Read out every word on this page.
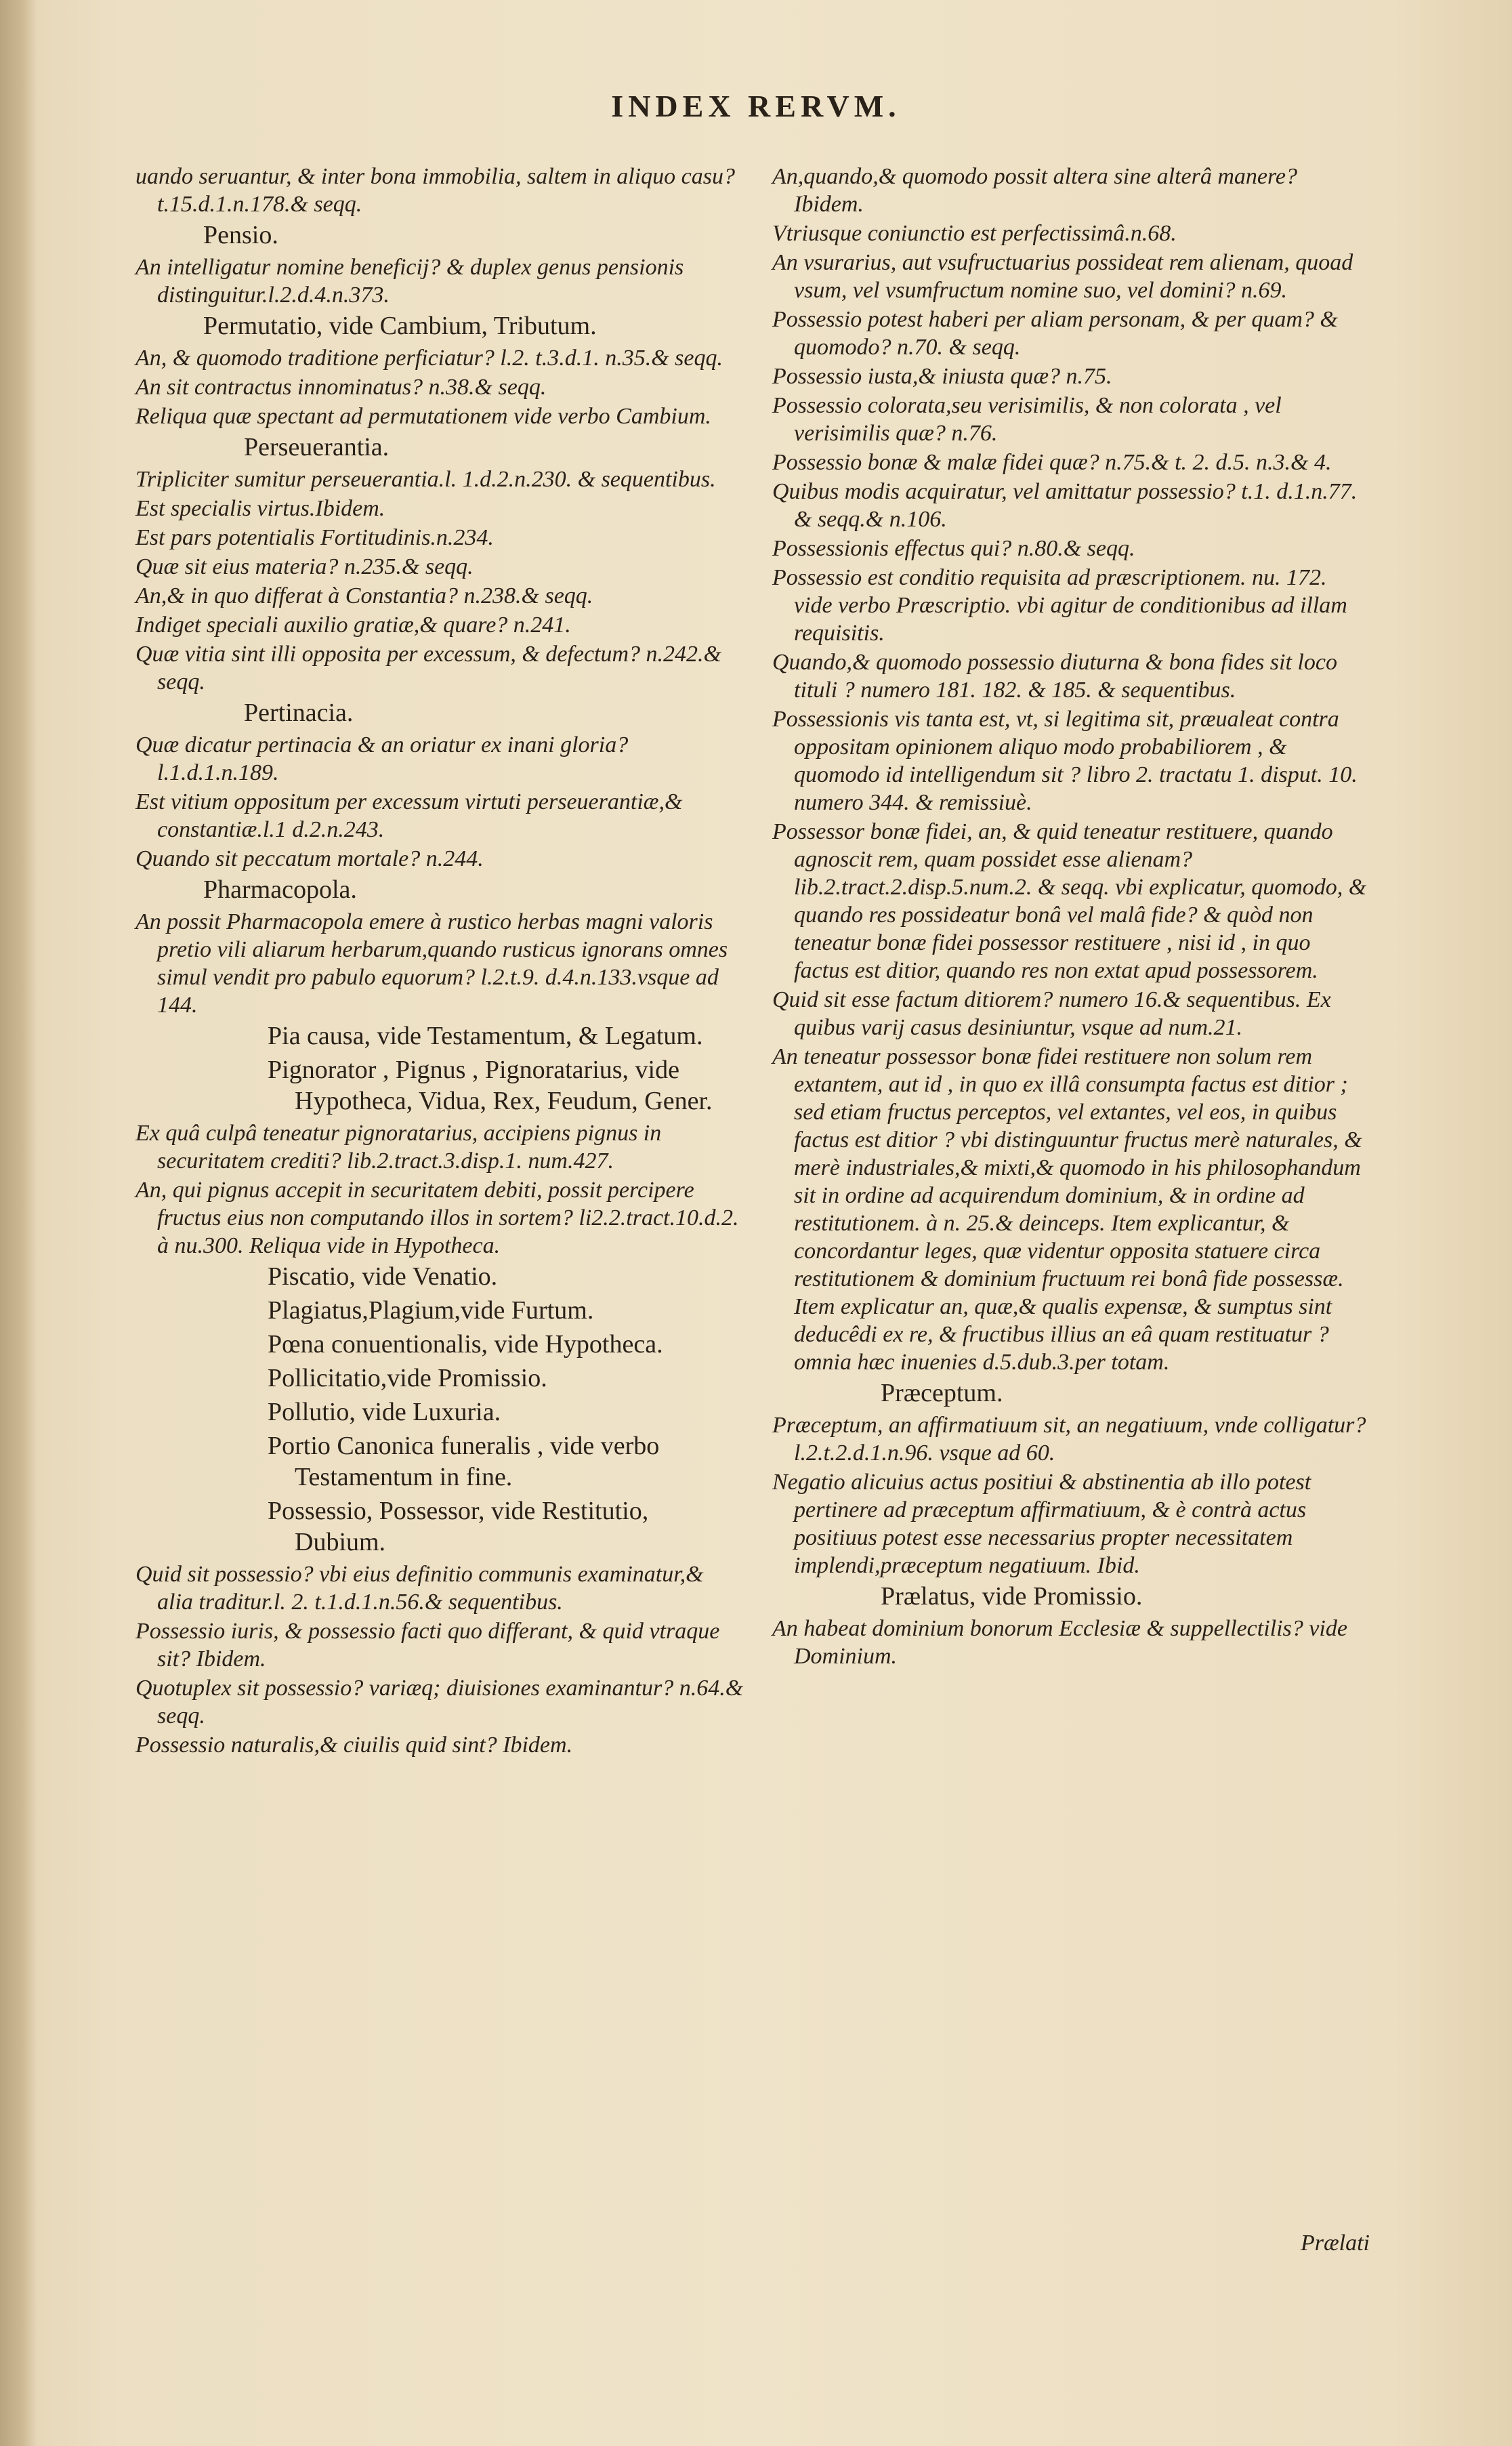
INDEX RERVM.
uando seruantur, & inter bona immobilia, saltem in aliquo casu? t.15.d.1.n.178.& seqq.
Pensio.
An intelligatur nomine beneficij? & duplex genus pensionis distinguitur.l.2.d.4.n.373.
Permutatio, vide Cambium, Tributum.
An, & quomodo traditione perficiatur? l.2. t.3.d.1. n.35.& seqq.
An sit contractus innominatus? n.38.& seqq.
Reliqua quæ spectant ad permutationem vide verbo Cambium.
Perseuerantia.
Tripliciter sumitur perseuerantia.l. 1.d.2.n.230. & sequentibus.
Est specialis virtus.Ibidem.
Est pars potentialis Fortitudinis.n.234.
Quæ sit eius materia? n.235.& seqq.
An,& in quo differat à Constantia? n.238.& seqq.
Indiget speciali auxilio gratiæ,& quare? n.241.
Quæ vitia sint illi opposita per excessum, & defectum? n.242.& seqq.
Pertinacia.
Quæ dicatur pertinacia & an oriatur ex inani gloria? l.1.d.1.n.189.
Est vitium oppositum per excessum virtuti perseuerantiæ,& constantiæ.l.1 d.2.n.243.
Quando sit peccatum mortale? n.244.
Pharmacopola.
An possit Pharmacopola emere à rustico herbas magni valoris pretio vili aliarum herbarum,quando rusticus ignorans omnes simul vendit pro pabulo equorum? l.2.t.9. d.4.n.133.vsque ad 144.
Pia causa, vide Testamentum, & Legatum.
Pignorator , Pignus , Pignoratarius, vide Hypotheca, Vidua, Rex, Feudum, Gener.
Ex quâ culpâ teneatur pignoratarius, accipiens pignus in securitatem crediti? lib.2.tract.3.disp.1. num.427.
An, qui pignus accepit in securitatem debiti, possit percipere fructus eius non computando illos in sortem? li2.2.tract.10.d.2. à nu.300. Reliqua vide in Hypotheca.
Piscatio, vide Venatio.
Plagiatus,Plagium,vide Furtum.
Pœna conuentionalis, vide Hypotheca.
Pollicitatio,vide Promissio.
Pollutio, vide Luxuria.
Portio Canonica funeralis , vide verbo Testamentum in fine.
Possessio, Possessor, vide Restitutio, Dubium.
Quid sit possessio? vbi eius definitio communis examinatur,& alia traditur.l. 2. t.1.d.1.n.56.& sequentibus.
Possessio iuris, & possessio facti quo differant, & quid vtraque sit? Ibidem.
Quotuplex sit possessio? variæq; diuisiones examinantur? n.64.& seqq.
Possessio naturalis,& ciuilis quid sint? Ibidem.
An,quando,& quomodo possit altera sine alterâ manere? Ibidem.
Vtriusque coniunctio est perfectissimâ.n.68.
An vsurarius, aut vsufructuarius possideat rem alienam, quoad vsum, vel vsumfructum nomine suo, vel domini? n.69.
Possessio potest haberi per aliam personam, & per quam? & quomodo? n.70. & seqq.
Possessio iusta,& iniusta quæ? n.75.
Possessio colorata,seu verisimilis, & non colorata , vel verisimilis quæ? n.76.
Possessio bonæ & malæ fidei quæ? n.75.& t. 2. d.5. n.3.& 4.
Quibus modis acquiratur, vel amittatur possessio? t.1. d.1.n.77. & seqq.& n.106.
Possessionis effectus qui? n.80.& seqq.
Possessio est conditio requisita ad præscriptionem. nu. 172. vide verbo Præscriptio. vbi agitur de conditionibus ad illam requisitis.
Quando,& quomodo possessio diuturna & bona fides sit loco tituli ? numero 181. 182. & 185. & sequentibus.
Possessionis vis tanta est, vt, si legitima sit, præualeat contra oppositam opinionem aliquo modo probabiliorem , & quomodo id intelligendum sit ? libro 2. tractatu 1. disput. 10. numero 344. & remissiuè.
Possessor bonæ fidei, an, & quid teneatur restituere, quando agnoscit rem, quam possidet esse alienam? lib.2.tract.2.disp.5.num.2. & seqq. vbi explicatur, quomodo, & quando res possideatur bonâ vel malâ fide? & quòd non teneatur bonæ fidei possessor restituere , nisi id , in quo factus est ditior, quando res non extat apud possessorem.
Quid sit esse factum ditiorem? numero 16.& sequentibus. Ex quibus varij casus desiniuntur, vsque ad num.21.
An teneatur possessor bonæ fidei restituere non solum rem extantem, aut id , in quo ex illâ consumpta factus est ditior ; sed etiam fructus perceptos, vel extantes, vel eos, in quibus factus est ditior ? vbi distinguuntur fructus merè naturales, & merè industriales,& mixti,& quomodo in his philosophandum sit in ordine ad acquirendum dominium, & in ordine ad restitutionem. à n. 25.& deinceps. Item explicantur, & concordantur leges, quæ videntur opposita statuere circa restitutionem & dominium fructuum rei bonâ fide possessæ. Item explicatur an, quæ,& qualis expensæ, & sumptus sint deducêdi ex re, & fructibus illius an eâ quam restituatur ? omnia hæc inuenies d.5.dub.3.per totam.
Præceptum.
Præceptum, an affirmatiuum sit, an negatiuum, vnde colligatur? l.2.t.2.d.1.n.96. vsque ad 60.
Negatio alicuius actus positiui & abstinentia ab illo potest pertinere ad præceptum affirmatiuum, & è contrà actus positiuus potest esse necessarius propter necessitatem implendi,præceptum negatiuum. Ibid.
Prælatus, vide Promissio.
An habeat dominium bonorum Ecclesiæ & suppellectilis? vide Dominium.
Prælati
